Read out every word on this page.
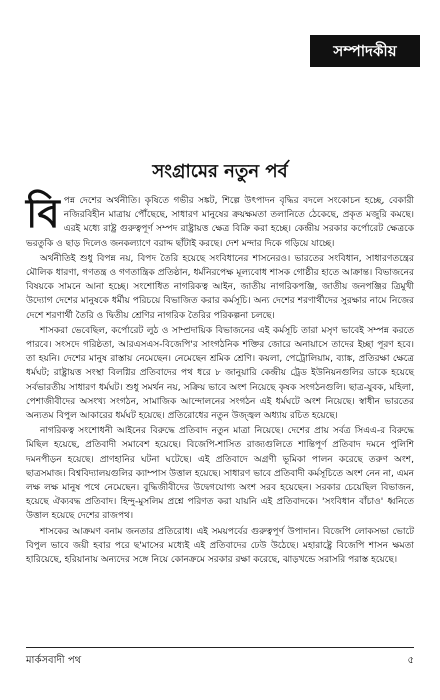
সম্পাদকীয়
সংগ্রামের নতুন পর্ব

বিপন্ন দেশের অর্থনীতি। কৃষিতে গভীর সঙ্কট, শিল্পে উৎপাদন বৃদ্ধির বদলে সংকোচন হচ্ছে, বেকারী নজিরবিহীন মাত্রায় পৌঁছেছে, সাধারণ মানুষের ক্রয়ক্ষমতা তলানিতে ঠেকেছে, প্রকৃত মজুরি কমছে। এরই মধ্যে রাষ্ট্র গুরুত্বপূর্ণ সম্পদ রাষ্ট্রায়ত্ত ক্ষেত্র বিক্রি করা হচ্ছে। কেন্দ্রীয় সরকার কর্পোরেট ক্ষেত্রকে ভরতুকি ও ছাড় দিলেও জনকল্যাণে বরাদ্দ ছাঁটাই করছে। দেশ মন্দার দিকে গড়িয়ে যাচ্ছে।

অর্থনীতিই শুধু বিপন্ন নয়, বিপদ তৈরি হয়েছে সংবিধানের শাসনেরও। ভারতের সংবিধান, সাধারণতন্ত্রের মৌলিক ধারণা, গণতন্ত্র ও গণতান্ত্রিক প্রতিষ্ঠান, ধর্মনিরপেক্ষ মূল্যবোধ শাসক গোষ্ঠীর হাতে আক্রান্ত। বিভাজনের বিষয়কে সামনে আনা হচ্ছে। সংশোধিত নাগরিকত্ব আইন, জাতীয় নাগরিকপঞ্জি, জাতীয় জনপঞ্জির ত্রিমুখী উদ্যোগ দেশের মানুষকে ধর্মীয় পরিচয়ে বিভাজিত করার কর্মসূচি। অন্য দেশের শরণার্থীদের সুরক্ষার নামে নিজের দেশে শরণার্থী তৈরি ও দ্বিতীয় শ্রেণির নাগরিক তৈরির পরিকল্পনা চলছে।

শাসকরা ভেবেছিল, কর্পোরেট লুঠ ও সাম্প্রদায়িক বিভাজনের এই কর্মসূচি তারা মসৃণ ভাবেই সম্পন্ন করতে পারবে। সংসদে গরিষ্ঠতা, আরএসএস-বিজেপি'র সাংগঠনিক শক্তির জোরে অনায়াসে তাদের ইচ্ছা পূরণ হবে। তা হয়নি। দেশের মানুষ রাস্তায় নেমেছেন। নেমেছেন শ্রমিক শ্রেণি। কয়লা, পেট্রোলিয়াম, ব্যাঙ্ক, প্রতিরক্ষা ক্ষেত্রে ধর্মঘট; রাষ্ট্রায়ত্ত সংস্থা বিলগ্নির প্রতিবাদের পথ ধরে ৮ জানুয়ারি কেন্দ্রীয় ট্রেড ইউনিয়নগুলির ডাকে হয়েছে সর্বভারতীয় সাধারণ ধর্মঘট। শুধু সমর্থন নয়, সক্রিয় ভাবে অংশ নিয়েছে কৃষক সংগঠনগুলি। ছাত্র-যুবক, মহিলা, পেশাজীবীদের অসংখ্য সংগঠন, সামাজিক আন্দোলনের সংগঠন এই ধর্মঘটে অংশ নিয়েছে। স্বাধীন ভারতের অন্যতম বিপুল আকারের ধর্মঘট হয়েছে। প্রতিরোধের নতুন উজ্জ্বল অধ্যায় রচিত হয়েছে।

নাগরিকত্ব সংশোধনী আইনের বিরুদ্ধে প্রতিবাদ নতুন মাত্রা নিয়েছে। দেশের প্রায় সর্বত্র সিএএ-র বিরুদ্ধে মিছিল হয়েছে, প্রতিবাদী সমাবেশ হয়েছে। বিজেপি-শাসিত রাজ্যগুলিতে শান্তিপূর্ণ প্রতিবাদ দমনে পুলিশি দমনপীড়ন হয়েছে। প্রাণহানির ঘটনা ঘটেছে। এই প্রতিবাদে অগ্রণী ভূমিকা পালন করেছে তরুণ অংশ, ছাত্রসমাজ। বিশ্ববিদ্যালয়গুলির ক্যাম্পাস উত্তাল হয়েছে। সাধারণ ভাবে প্রতিবাদী কর্মসূচিতে অংশ নেন না, এমন লক্ষ লক্ষ মানুষ পথে নেমেছেন। বুদ্ধিজীবীদের উদ্বেগযোগ্য অংশ সরব হয়েছেন। সরকার চেয়েছিল বিভাজন, হয়েছে ঐক্যবদ্ধ প্রতিবাদ। হিন্দু-মুসলিম প্রশ্নে পরিণত করা যায়নি এই প্রতিবাদকে। 'সংবিধান বাঁচাও' ধ্বনিতে উত্তাল হয়েছে দেশের রাজপথ।

শাসকের আক্রমণ বনাম জনতার প্রতিরোধ। এই সময়পর্বের গুরুত্বপূর্ণ উপাদান। বিজেপি লোকসভা ভোটে বিপুল ভাবে জয়ী হবার পরে ছ'মাসের মধ্যেই এই প্রতিবাদের ঢেউ উঠেছে। মহারাষ্ট্রে বিজেপি শাসন ক্ষমতা হারিয়েছে, হরিয়ানায় অন্যদের সঙ্গে নিয়ে কোনক্রমে সরকার রক্ষা করেছে, ঝাড়খন্ডে সরাসরি পরাস্ত হয়েছে।

মার্কসবাদী পথ	৫
